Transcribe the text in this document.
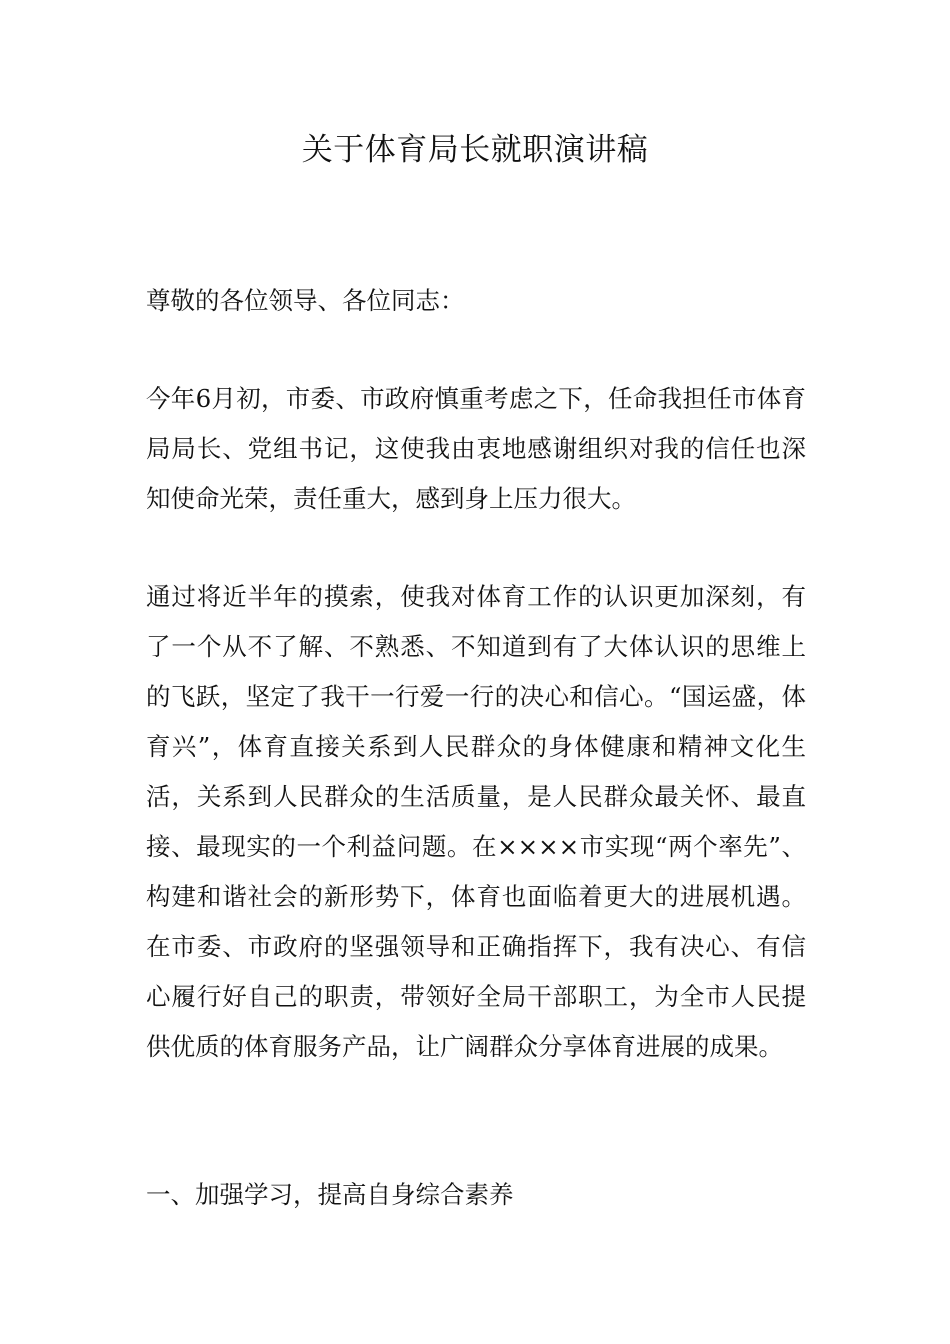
关于体育局长就职演讲稿

尊敬的各位领导、各位同志：

今年6月初，市委、市政府慎重考虑之下，任命我担任市体育局局长、党组书记，这使我由衷地感谢组织对我的信任也深知使命光荣，责任重大，感到身上压力很大。

通过将近半年的摸索，使我对体育工作的认识更加深刻，有了一个从不了解、不熟悉、不知道到有了大体认识的思维上的飞跃，坚定了我干一行爱一行的决心和信心。“国运盛，体育兴”，体育直接关系到人民群众的身体健康和精神文化生活，关系到人民群众的生活质量，是人民群众最关怀、最直接、最现实的一个利益问题。在××××市实现“两个率先”、构建和谐社会的新形势下，体育也面临着更大的进展机遇。在市委、市政府的坚强领导和正确指挥下，我有决心、有信心履行好自己的职责，带领好全局干部职工，为全市人民提供优质的体育服务产品，让广阔群众分享体育进展的成果。

一、加强学习，提高自身综合素养
